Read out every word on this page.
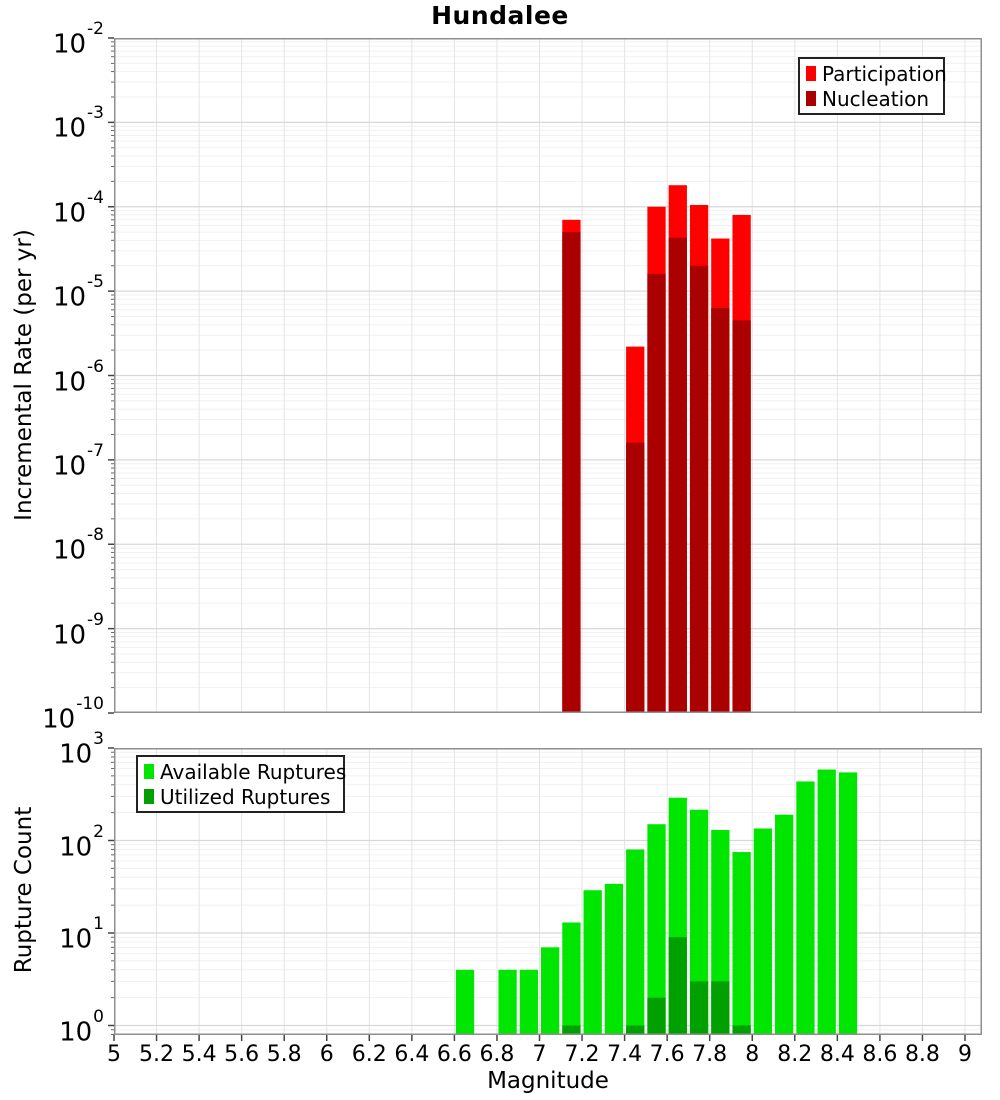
Hundalee
Incremental Rate (per yr)
Rupture Count
Participation
Nucleation
Available Ruptures
Utilized Ruptures
Magnitude
$10^{-2}$
$10^{-3}$
$10^{-4}$
$10^{-5}$
$10^{-6}$
$10^{-7}$
$10^{-8}$
$10^{-9}$
$10^{-10}$
$10^3$
$10^2$
$10^1$
$10^0$
5 5.2 5.4 5.6 5.8 6 6.2 6.4 6.6 6.8 7 7.2 7.4 7.6 7.8 8 8.2 8.4 8.6 8.8 9
